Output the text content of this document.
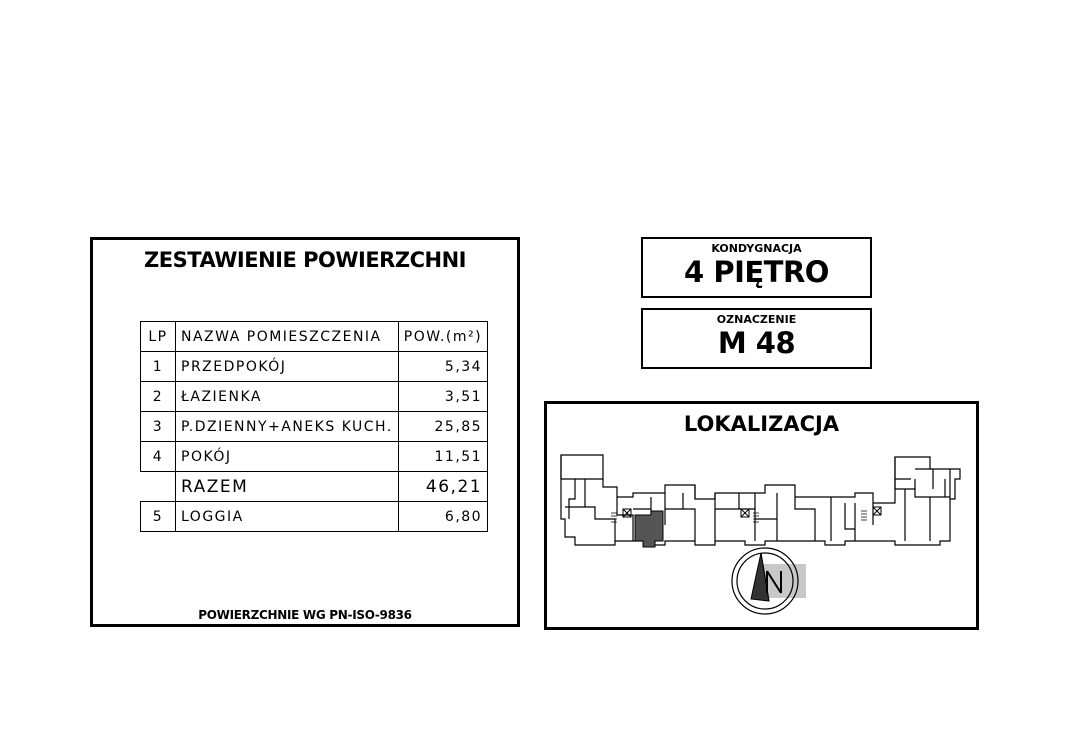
ZESTAWIENIE POWIERZCHNI
LP	NAZWA POMIESZCZENIA	POW.(m²)
1	PRZEDPOKÓJ	5,34
2	ŁAZIENKA	3,51
3	P.DZIENNY+ANEKS KUCH.	25,85
4	POKÓJ	11,51
	RAZEM	46,21
5	LOGGIA	6,80
POWIERZCHNIE WG PN-ISO-9836
KONDYGNACJA
4 PIĘTRO
OZNACZENIE
M 48
LOKALIZACJA
